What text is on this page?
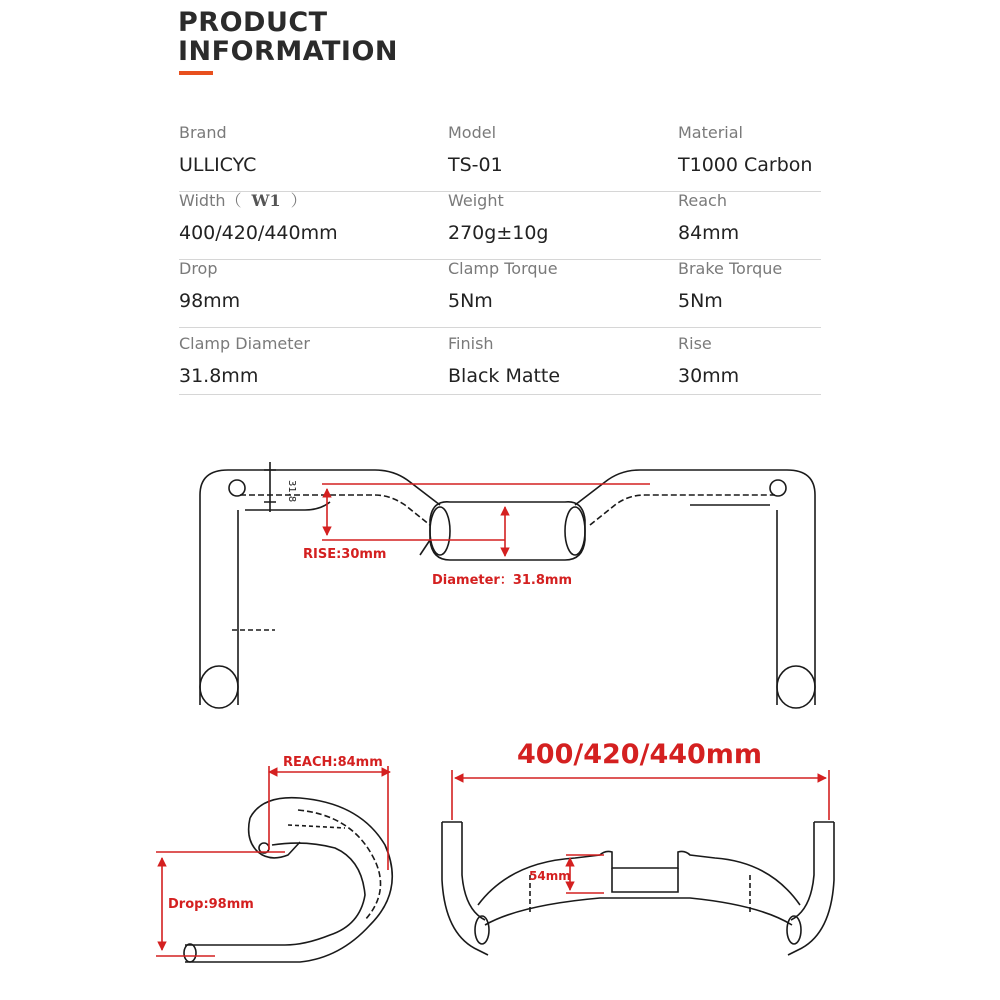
PRODUCT
INFORMATION
Brand
ULLICYC
Model
TS-01
Material
T1000 Carbon
Width（ W1 ）
400/420/440mm
Weight
270g±10g
Reach
84mm
Drop
98mm
Clamp Torque
5Nm
Brake Torque
5Nm
Clamp Diameter
31.8mm
Finish
Black Matte
Rise
30mm
31.8
RISE:30mm
Diameter：31.8mm
REACH:84mm
Drop:98mm
400/420/440mm
54mm
